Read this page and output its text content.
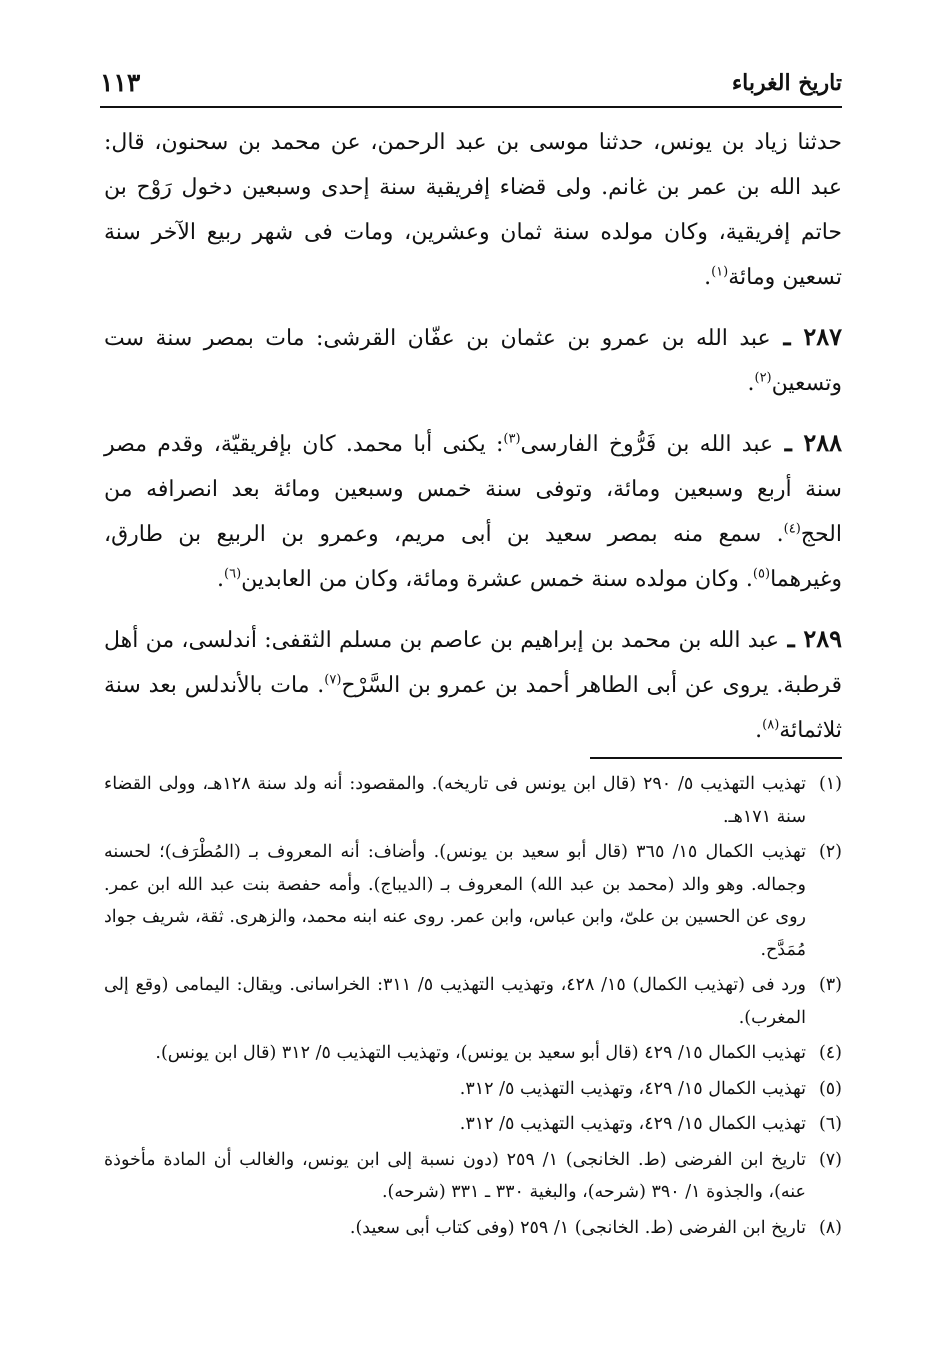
تاريخ الغرباء
١١٣

حدثنا زياد بن يونس، حدثنا موسى بن عبد الرحمن، عن محمد بن سحنون، قال: عبد الله بن عمر بن غانم. ولى قضاء إفريقية سنة إحدى وسبعين دخول رَوْح بن حاتم إفريقية، وكان مولده سنة ثمان وعشرين، ومات فى شهر ربيع الآخر سنة تسعين ومائة$^{(١)}$.

٢٨٧ ـ عبد الله بن عمرو بن عثمان بن عفّان القرشى: مات بمصر سنة ست وتسعين$^{(٢)}$.

٢٨٨ ـ عبد الله بن فَرُّوخ الفارسى$^{(٣)}$: يكنى أبا محمد. كان بإفريقيّة، وقدم مصر سنة أربع وسبعين ومائة، وتوفى سنة خمس وسبعين ومائة بعد انصرافه من الحج$^{(٤)}$. سمع منه بمصر سعيد بن أبى مريم، وعمرو بن الربيع بن طارق، وغيرهما$^{(٥)}$. وكان مولده سنة خمس عشرة ومائة، وكان من العابدين$^{(٦)}$.

٢٨٩ ـ عبد الله بن محمد بن إبراهيم بن عاصم بن مسلم الثقفى: أندلسى، من أهل قرطبة. يروى عن أبى الطاهر أحمد بن عمرو بن السَّرْح$^{(٧)}$. مات بالأندلس بعد سنة ثلاثمائة$^{(٨)}$.

(١)
تهذيب التهذيب ٥/ ٢٩٠ (قال ابن يونس فى تاريخه). والمقصود: أنه ولد سنة ١٢٨هـ، وولى القضاء سنة ١٧١هـ.
(٢)
تهذيب الكمال ١٥/ ٣٦٥ (قال أبو سعيد بن يونس). وأضاف: أنه المعروف بـ (المُطْرَف)؛ لحسنه وجماله. وهو والد (محمد بن عبد الله) المعروف بـ (الديباج). وأمه حفصة بنت عبد الله ابن عمر. روى عن الحسين بن علىّ، وابن عباس، وابن عمر. روى عنه ابنه محمد، والزهرى. ثقة، شريف جواد مُمَدَّح.
(٣)
ورد فى (تهذيب الكمال) ١٥/ ٤٢٨، وتهذيب التهذيب ٥/ ٣١١: الخراسانى. ويقال: اليمامى (وقع إلى المغرب).
(٤)
تهذيب الكمال ١٥/ ٤٢٩ (قال أبو سعيد بن يونس)، وتهذيب التهذيب ٥/ ٣١٢ (قال ابن يونس).
(٥)
تهذيب الكمال ١٥/ ٤٢٩، وتهذيب التهذيب ٥/ ٣١٢.
(٦)
تهذيب الكمال ١٥/ ٤٢٩، وتهذيب التهذيب ٥/ ٣١٢.
(٧)
تاريخ ابن الفرضى (ط. الخانجى) ١/ ٢٥٩ (دون نسبة إلى ابن يونس، والغالب أن المادة مأخوذة عنه)، والجذوة ١/ ٣٩٠ (شرحه)، والبغية ٣٣٠ ـ ٣٣١ (شرحه).
(٨)
تاريخ ابن الفرضى (ط. الخانجى) ١/ ٢٥٩ (وفى كتاب أبى سعيد).
